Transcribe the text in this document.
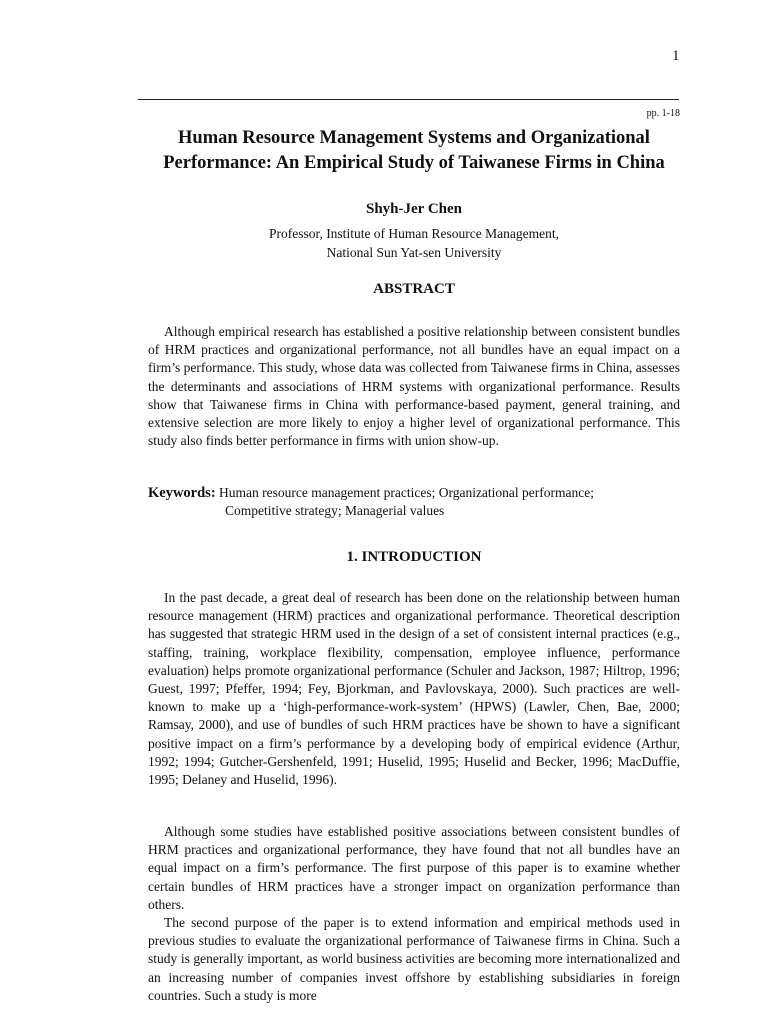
1
pp. 1-18
Human Resource Management Systems and Organizational
Performance: An Empirical Study of Taiwanese Firms in China
Shyh-Jer Chen
Professor, Institute of Human Resource Management,
National Sun Yat-sen University
ABSTRACT

Although empirical research has established a positive relationship between consistent bundles of HRM practices and organizational performance, not all bundles have an equal impact on a firm’s performance. This study, whose data was collected from Taiwanese firms in China, assesses the determinants and associations of HRM systems with organizational performance. Results show that Taiwanese firms in China with performance-based payment, general training, and extensive selection are more likely to enjoy a higher level of organizational performance. This study also finds better performance in firms with union show-up.

Keywords: Human resource management practices; Organizational performance;
Competitive strategy; Managerial values
1. INTRODUCTION

In the past decade, a great deal of research has been done on the relationship between human resource management (HRM) practices and organizational performance. Theoretical description has suggested that strategic HRM used in the design of a set of consistent internal practices (e.g., staffing, training, workplace flexibility, compensation, employee influence, performance evaluation) helps promote organizational performance (Schuler and Jackson, 1987; Hiltrop, 1996; Guest, 1997; Pfeffer, 1994; Fey, Bjorkman, and Pavlovskaya, 2000). Such practices are well-known to make up a ‘high-performance-work-system’ (HPWS) (Lawler, Chen, Bae, 2000; Ramsay, 2000), and use of bundles of such HRM practices have be shown to have a significant positive impact on a firm’s performance by a developing body of empirical evidence (Arthur, 1992; 1994; Gutcher-Gershenfeld, 1991; Huselid, 1995; Huselid and Becker, 1996; MacDuffie, 1995; Delaney and Huselid, 1996).

Although some studies have established positive associations between consistent bundles of HRM practices and organizational performance, they have found that not all bundles have an equal impact on a firm’s performance. The first purpose of this paper is to examine whether certain bundles of HRM practices have a stronger impact on organization performance than others.

The second purpose of the paper is to extend information and empirical methods used in previous studies to evaluate the organizational performance of Taiwanese firms in China. Such a study is generally important, as world business activities are becoming more internationalized and an increasing number of companies invest offshore by establishing subsidiaries in foreign countries. Such a study is more
